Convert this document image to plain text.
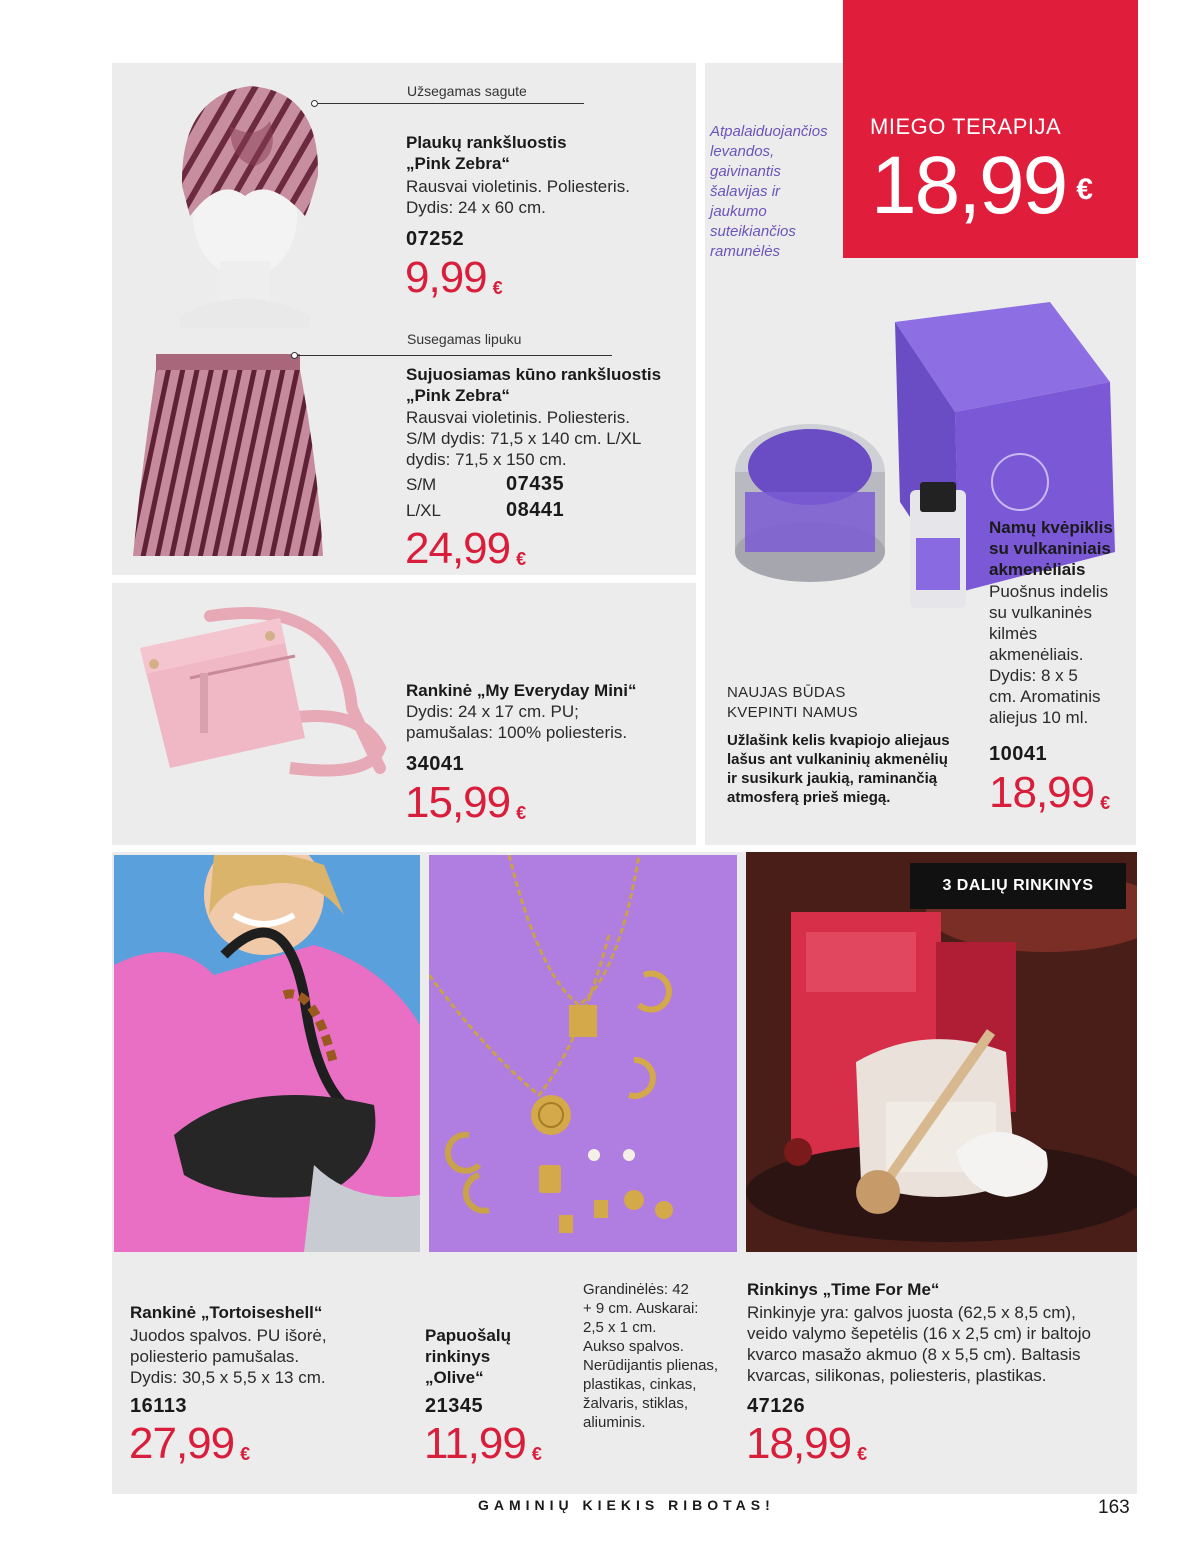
Užsegamas sagute
Plaukų rankšluostis
„Pink Zebra“
Rausvai violetinis. Poliesteris.
Dydis: 24 x 60 cm.
07252
9,99 €
Susegamas lipuku
Sujuosiamas kūno rankšluostis
„Pink Zebra“
Rausvai violetinis. Poliesteris.
S/M dydis: 71,5 x 140 cm. L/XL
dydis: 71,5 x 150 cm.
S/M	07435
L/XL	08441
24,99 €
Rankinė „My Everyday Mini“
Dydis: 24 x 17 cm. PU;
pamušalas: 100% poliesteris.
34041
15,99 €
Atpalaiduojančios
levandos,
gaivinantis
šalavijas ir
jaukumo
suteikiančios
ramunėlės
MIEGO TERAPIJA
18,99 €
NAUJAS BŪDAS
KVEPINTI NAMUS
Užlašink kelis kvapiojo aliejaus
lašus ant vulkaninių akmenėlių
ir susikurk jaukią, raminančią
atmosferą prieš miegą.
Namų kvėpiklis
su vulkaniniais
akmenėliais
Puošnus indelis
su vulkaninės
kilmės
akmenėliais.
Dydis: 8 x 5
cm. Aromatinis
aliejus 10 ml.
10041
18,99 €
3 DALIŲ RINKINYS
Rankinė „Tortoiseshell“
Juodos spalvos. PU išorė,
poliesterio pamušalas.
Dydis: 30,5 x 5,5 x 13 cm.
16113
27,99 €
Papuošalų
rinkinys
„Olive“
Grandinėlės: 42
+ 9 cm. Auskarai:
2,5 x 1 cm.
Aukso spalvos.
Nerūdijantis plienas,
plastikas, cinkas,
žalvaris, stiklas,
aliuminis.
21345
11,99 €
Rinkinys „Time For Me“
Rinkinyje yra: galvos juosta (62,5 x 8,5 cm),
veido valymo šepetėlis (16 x 2,5 cm) ir baltojo
kvarco masažo akmuo (8 x 5,5 cm). Baltasis
kvarcas, silikonas, poliesteris, plastikas.
47126
18,99 €
GAMINIŲ KIEKIS RIBOTAS!	163
